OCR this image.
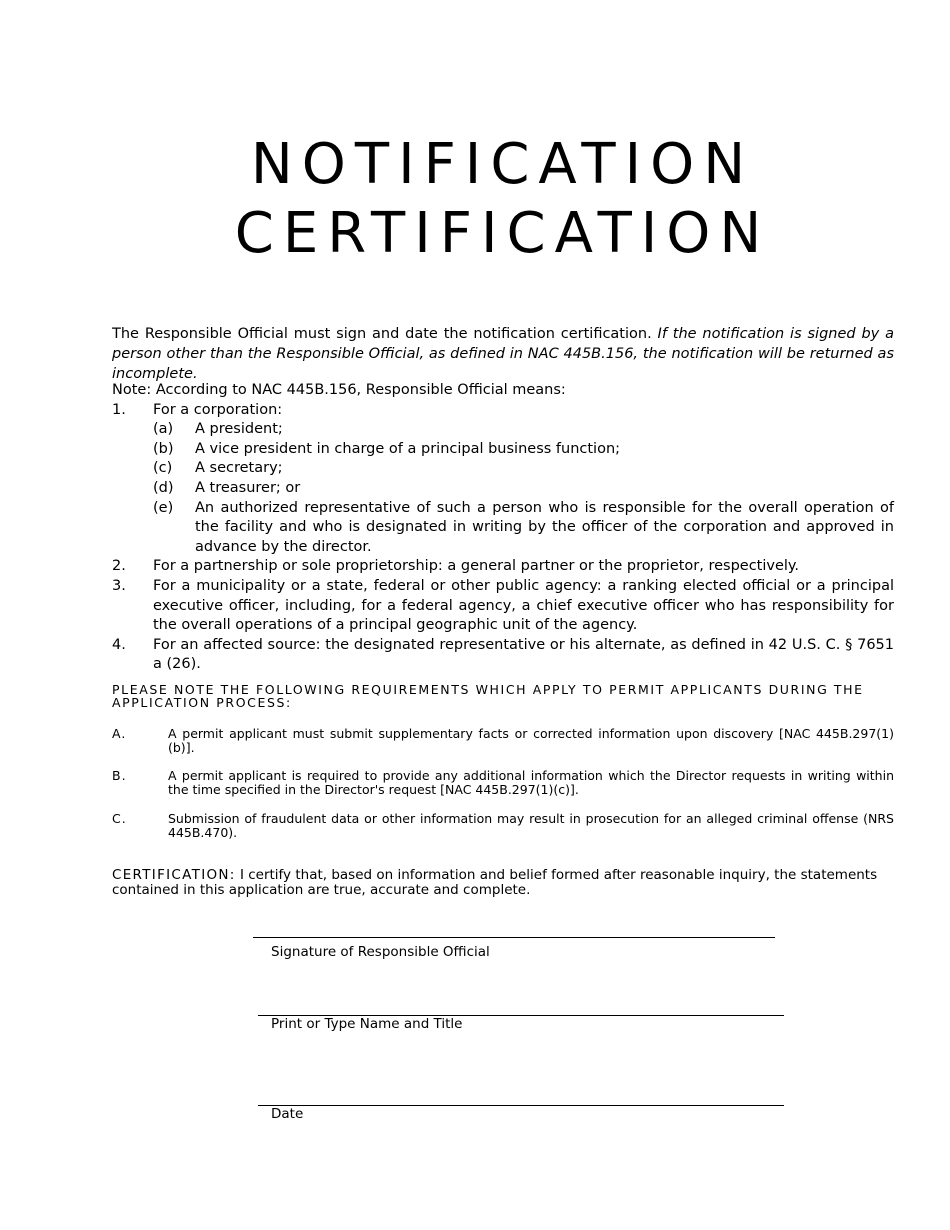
NOTIFICATION
CERTIFICATION
The Responsible Official must sign and date the notification certification. If the notification is signed by a person other than the Responsible Official, as defined in NAC 445B.156, the notification will be returned as incomplete.
Note: According to NAC 445B.156, Responsible Official means:
1. For a corporation:
(a) A president;
(b) A vice president in charge of a principal business function;
(c) A secretary;
(d) A treasurer; or
(e) An authorized representative of such a person who is responsible for the overall operation of the facility and who is designated in writing by the officer of the corporation and approved in advance by the director.
2. For a partnership or sole proprietorship: a general partner or the proprietor, respectively.
3. For a municipality or a state, federal or other public agency: a ranking elected official or a principal executive officer, including, for a federal agency, a chief executive officer who has responsibility for the overall operations of a principal geographic unit of the agency.
4. For an affected source: the designated representative or his alternate, as defined in 42 U.S. C. § 7651 a (26).
PLEASE NOTE THE FOLLOWING REQUIREMENTS WHICH APPLY TO PERMIT APPLICANTS DURING THE APPLICATION PROCESS:
A.	A permit applicant must submit supplementary facts or corrected information upon discovery [NAC 445B.297(1)(b)].
B.	A permit applicant is required to provide any additional information which the Director requests in writing within the time specified in the Director's request [NAC 445B.297(1)(c)].
C.	Submission of fraudulent data or other information may result in prosecution for an alleged criminal offense (NRS 445B.470).
CERTIFICATION: I certify that, based on information and belief formed after reasonable inquiry, the statements contained in this application are true, accurate and complete.
Signature of Responsible Official
Print or Type Name and Title
Date
